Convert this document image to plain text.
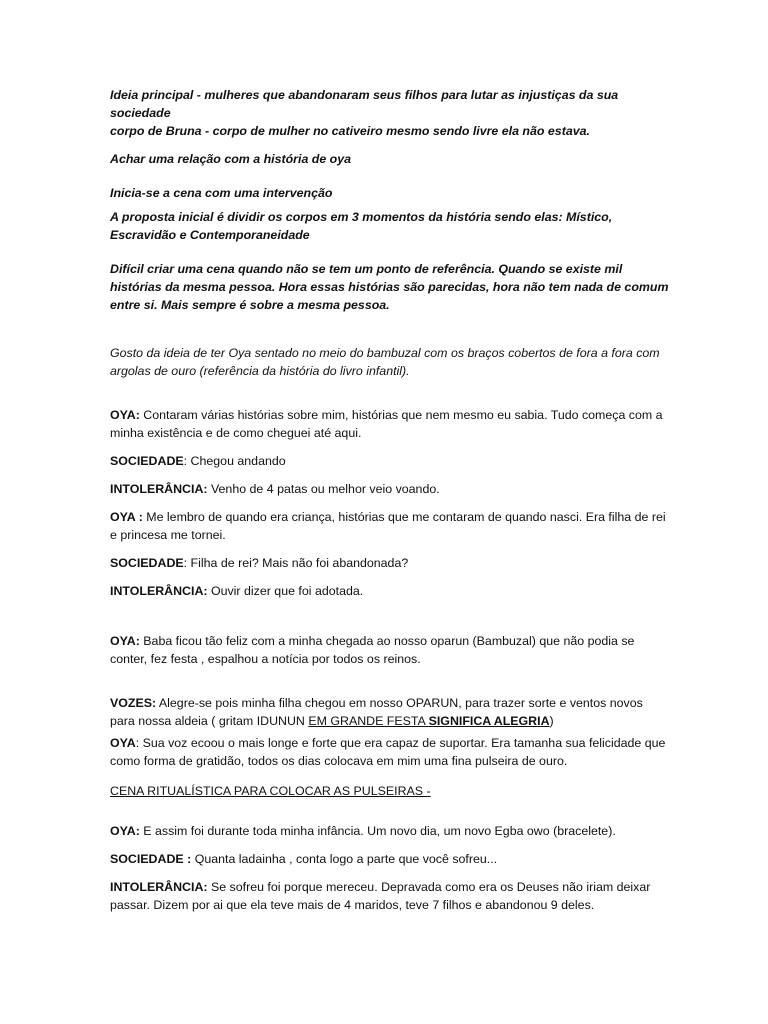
Ideia principal - mulheres que abandonaram seus filhos para lutar as injustiças da sua sociedade

corpo de Bruna - corpo de mulher no cativeiro mesmo sendo livre ela não estava.

Achar uma relação com a história de oya

Inicia-se a cena com uma intervenção

A proposta inicial é dividir os corpos em 3 momentos da história sendo elas: Místico, Escravidão e Contemporaneidade

Difícil criar uma cena quando não se tem um ponto de referência. Quando se existe mil histórias da mesma pessoa. Hora essas histórias são parecidas, hora não tem nada de comum entre si. Mais sempre é sobre a mesma pessoa.

Gosto da ideia de ter Oya sentado no meio do bambuzal com os braços cobertos de fora a fora com argolas de ouro (referência da história do livro infantil).

OYA: Contaram várias histórias sobre mim, histórias que nem mesmo eu sabia. Tudo começa com a minha existência e de como cheguei até aqui.

SOCIEDADE: Chegou andando

INTOLERÂNCIA: Venho de 4 patas ou melhor veio voando.

OYA : Me lembro de quando era criança, histórias que me contaram de quando nasci. Era filha de rei e princesa me tornei.

SOCIEDADE: Filha de rei? Mais não foi abandonada?

INTOLERÂNCIA: Ouvir dizer que foi adotada.

OYA: Baba ficou tão feliz com a minha chegada ao nosso oparun (Bambuzal) que não podia se conter, fez festa , espalhou a notícia por todos os reinos.

VOZES: Alegre-se pois minha filha chegou em nosso OPARUN, para trazer sorte e ventos novos para nossa aldeia ( gritam IDUNUN EM GRANDE FESTA SIGNIFICA ALEGRIA)

OYA: Sua voz ecoou o mais longe e forte que era capaz de suportar. Era tamanha sua felicidade que como forma de gratidão, todos os dias colocava em mim uma fina pulseira de ouro.

CENA RITUALÍSTICA PARA COLOCAR AS PULSEIRAS -

OYA: E assim foi durante toda minha infância. Um novo dia, um novo Egba owo (bracelete).

SOCIEDADE : Quanta ladainha , conta logo a parte que você sofreu...

INTOLERÂNCIA: Se sofreu foi porque mereceu. Depravada como era os Deuses não iriam deixar passar. Dizem por ai que ela teve mais de 4 maridos, teve 7 filhos e abandonou 9 deles.
